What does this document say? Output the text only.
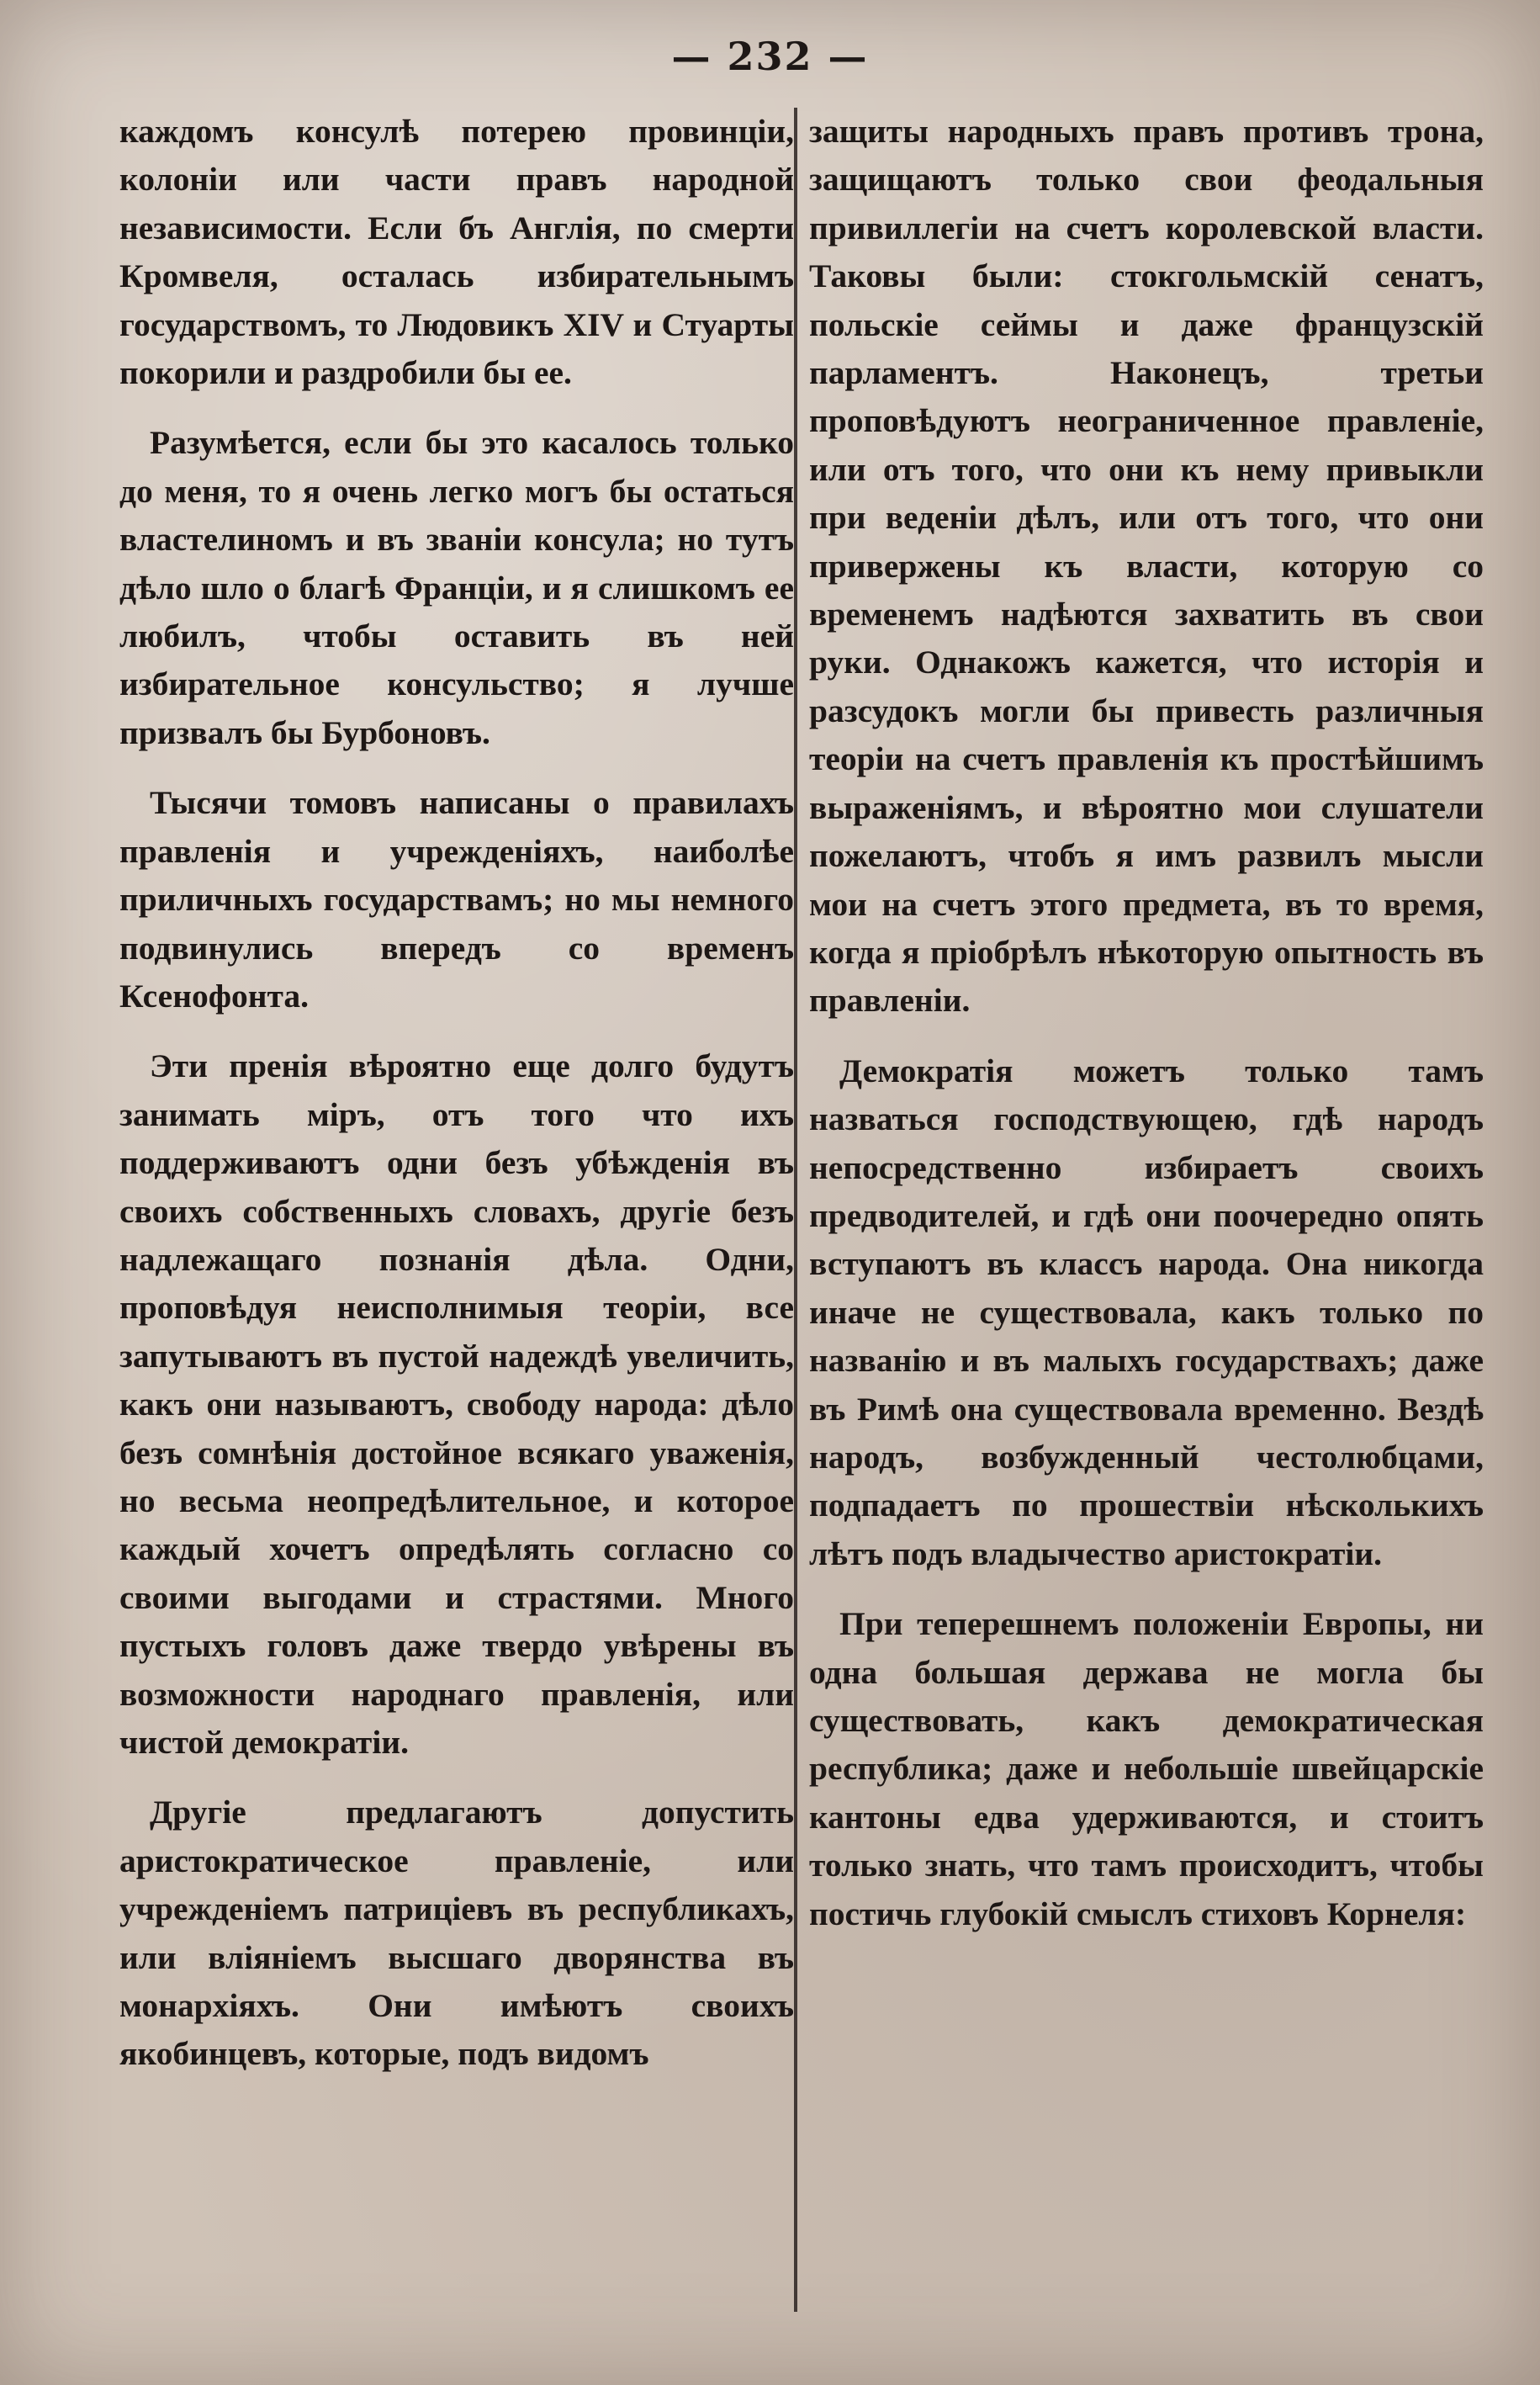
— 232 —

каждомъ консулѣ потерею провинціи, колоніи или части правъ народной независимости. Если бъ Англія, по смерти Кромвеля, осталась избирательнымъ государствомъ, то Людовикъ XIV и Стуарты покорили и раздробили бы ее.

Разумѣется, если бы это касалось только до меня, то я очень легко могъ бы остаться властелиномъ и въ званіи консула; но тутъ дѣло шло о благѣ Франціи, и я слишкомъ ее любилъ, чтобы оставить въ ней избирательное консульство; я лучше призвалъ бы Бурбоновъ.

Тысячи томовъ написаны о правилахъ правленія и учрежденіяхъ, наиболѣе приличныхъ государствамъ; но мы немного подвинулись впередъ со временъ Ксенофонта.

Эти пренія вѣроятно еще долго будутъ занимать міръ, отъ того что ихъ поддерживаютъ одни безъ убѣжденія въ своихъ собственныхъ словахъ, другіе безъ надлежащаго познанія дѣла. Одни, проповѣдуя неисполнимыя теоріи, все запутываютъ въ пустой надеждѣ увеличить, какъ они называютъ, свободу народа: дѣло безъ сомнѣнія достойное всякаго уваженія, но весьма неопредѣлительное, и которое каждый хочетъ опредѣлять согласно со своими выгодами и страстями. Много пустыхъ головъ даже твердо увѣрены въ возможности народнаго правленія, или чистой демократіи.

Другіе предлагаютъ допустить аристократическое правленіе, или учрежденіемъ патриціевъ въ республикахъ, или вліяніемъ высшаго дворянства въ монархіяхъ. Они имѣютъ своихъ якобинцевъ, которые, подъ видомъ

защиты народныхъ правъ противъ трона, защищаютъ только свои феодальныя привиллегіи на счетъ королевской власти. Таковы были: стокгольмскій сенатъ, польскіе сеймы и даже французскій парламентъ. Наконецъ, третьи проповѣдуютъ неограниченное правленіе, или отъ того, что они къ нему привыкли при веденіи дѣлъ, или отъ того, что они привержены къ власти, которую со временемъ надѣются захватить въ свои руки. Однакожъ кажется, что исторія и разсудокъ могли бы привесть различныя теоріи на счетъ правленія къ простѣйшимъ выраженіямъ, и вѣроятно мои слушатели пожелаютъ, чтобъ я имъ развилъ мысли мои на счетъ этого предмета, въ то время, когда я пріобрѣлъ нѣкоторую опытность въ правленіи.

Демократія можетъ только тамъ назваться господствующею, гдѣ народъ непосредственно избираетъ своихъ предводителей, и гдѣ они поочередно опять вступаютъ въ классъ народа. Она никогда иначе не существовала, какъ только по названію и въ малыхъ государствахъ; даже въ Римѣ она существовала временно. Вездѣ народъ, возбужденный честолюбцами, подпадаетъ по прошествіи нѣсколькихъ лѣтъ подъ владычество аристократіи.

При теперешнемъ положеніи Европы, ни одна большая держава не могла бы существовать, какъ демократическая республика; даже и небольшіе швейцарскіе кантоны едва удерживаются, и стоитъ только знать, что тамъ происходитъ, чтобы постичь глубокій смыслъ стиховъ Корнеля:
